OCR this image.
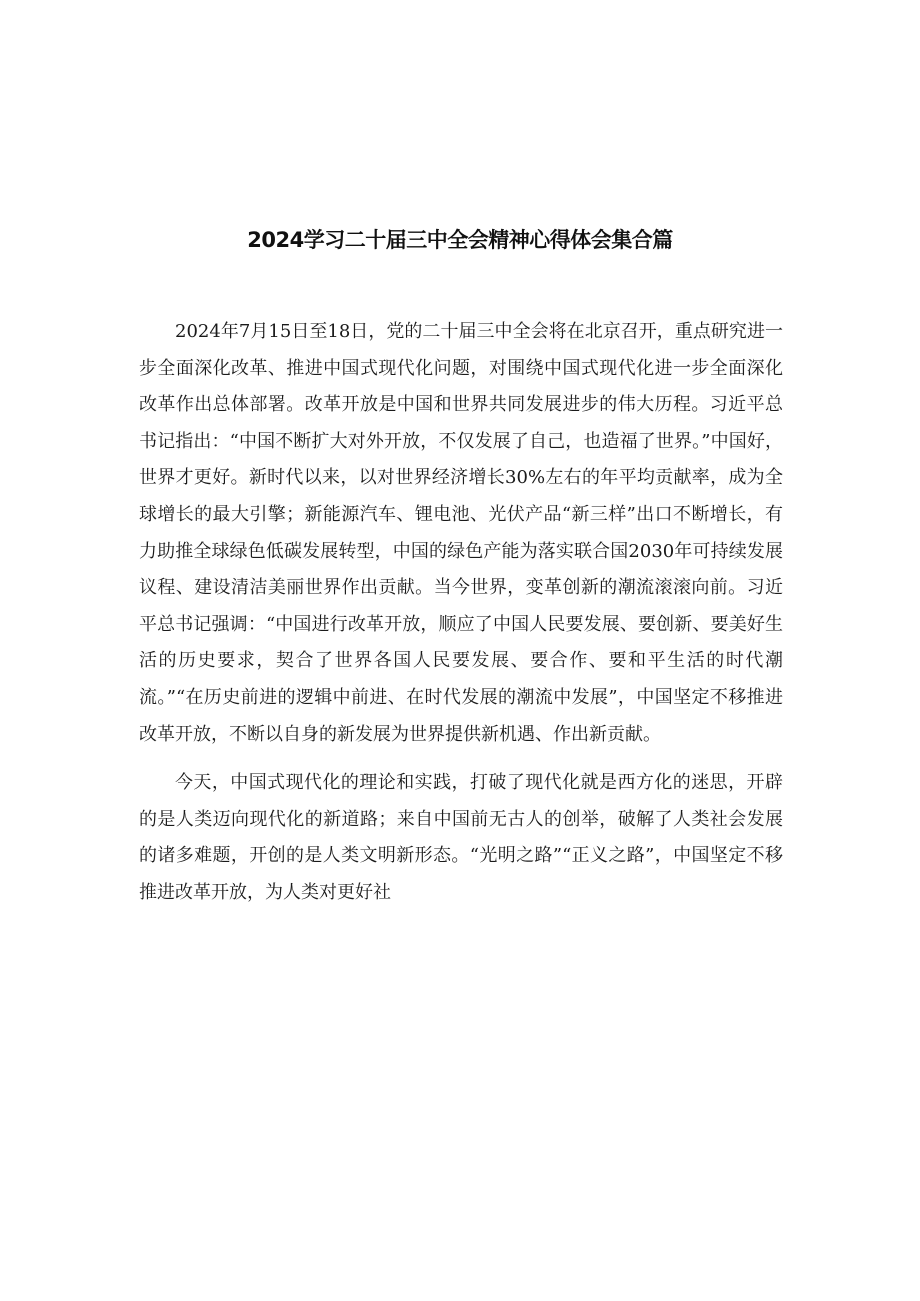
2024学习二十届三中全会精神心得体会集合篇

2024年7月15日至18日，党的二十届三中全会将在北京召开，重点研究进一步全面深化改革、推进中国式现代化问题，对围绕中国式现代化进一步全面深化改革作出总体部署。改革开放是中国和世界共同发展进步的伟大历程。习近平总书记指出：“中国不断扩大对外开放，不仅发展了自己，也造福了世界。”中国好，世界才更好。新时代以来，以对世界经济增长30%左右的年平均贡献率，成为全球增长的最大引擎；新能源汽车、锂电池、光伏产品“新三样”出口不断增长，有力助推全球绿色低碳发展转型，中国的绿色产能为落实联合国2030年可持续发展议程、建设清洁美丽世界作出贡献。当今世界，变革创新的潮流滚滚向前。习近平总书记强调：“中国进行改革开放，顺应了中国人民要发展、要创新、要美好生活的历史要求，契合了世界各国人民要发展、要合作、要和平生活的时代潮流。”“在历史前进的逻辑中前进、在时代发展的潮流中发展”，中国坚定不移推进改革开放，不断以自身的新发展为世界提供新机遇、作出新贡献。

今天，中国式现代化的理论和实践，打破了现代化就是西方化的迷思，开辟的是人类迈向现代化的新道路；来自中国前无古人的创举，破解了人类社会发展的诸多难题，开创的是人类文明新形态。“光明之路”“正义之路”，中国坚定不移推进改革开放，为人类对更好社
